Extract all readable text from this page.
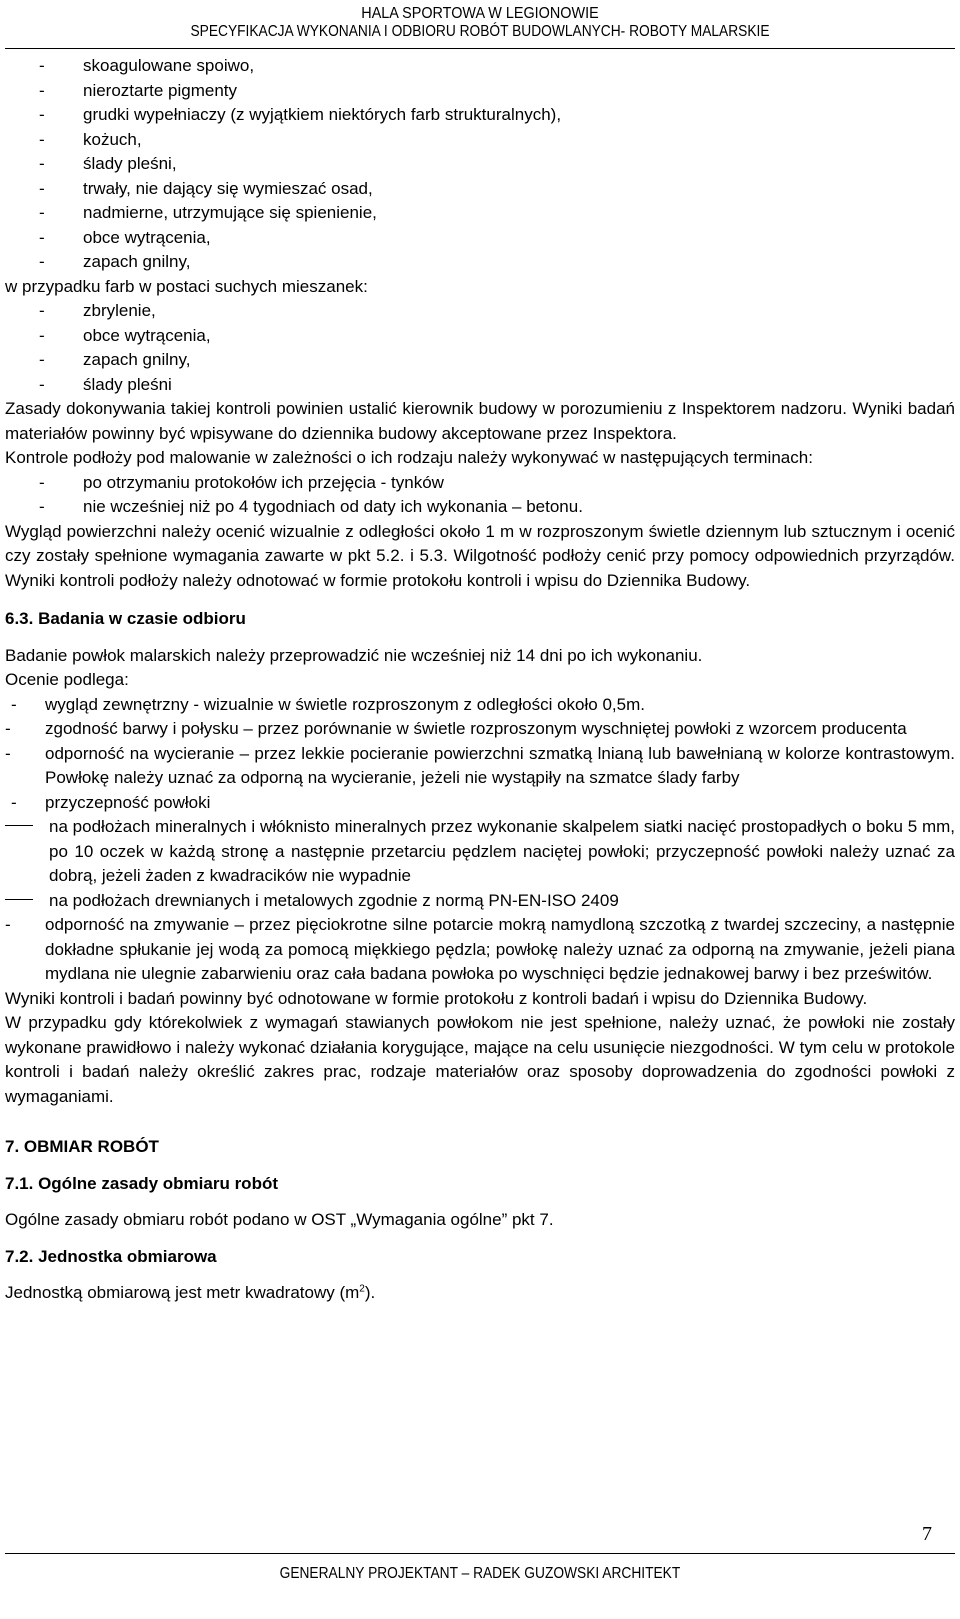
HALA SPORTOWA W LEGIONOWIE
SPECYFIKACJA WYKONANIA I ODBIORU ROBÓT BUDOWLANYCH- ROBOTY MALARSKIE
-	skoagulowane spoiwo,
-	nieroztarte pigmenty
-	grudki wypełniaczy (z wyjątkiem niektórych farb strukturalnych),
-	kożuch,
-	ślady pleśni,
-	trwały, nie dający się wymieszać osad,
-	nadmierne, utrzymujące się spienienie,
-	obce wytrącenia,
-	zapach gnilny,
w przypadku farb w postaci suchych mieszanek:
-	zbrylenie,
-	obce wytrącenia,
-	zapach gnilny,
-	ślady pleśni
Zasady dokonywania takiej kontroli powinien ustalić kierownik budowy w porozumieniu z Inspektorem nadzoru. Wyniki badań materiałów powinny być wpisywane do dziennika budowy akceptowane przez Inspektora.
Kontrole podłoży pod malowanie w zależności o ich rodzaju należy wykonywać w następujących terminach:
-	po otrzymaniu protokołów ich przejęcia - tynków
-	nie wcześniej niż po 4 tygodniach od daty ich wykonania – betonu.
Wygląd powierzchni należy ocenić wizualnie z odległości około 1 m w rozproszonym świetle dziennym lub sztucznym i ocenić czy zostały spełnione wymagania zawarte w pkt 5.2. i 5.3. Wilgotność podłoży cenić przy pomocy odpowiednich przyrządów. Wyniki kontroli podłoży należy odnotować w formie protokołu kontroli i wpisu do Dziennika Budowy.
6.3. Badania w czasie odbioru
Badanie powłok malarskich należy przeprowadzić nie wcześniej niż 14 dni po ich wykonaniu.
Ocenie podlega:
-	wygląd zewnętrzny - wizualnie w świetle rozproszonym z odległości około 0,5m.
-	zgodność barwy i połysku – przez porównanie w świetle rozproszonym wyschniętej powłoki z wzorcem producenta
-	odporność na wycieranie – przez lekkie pocieranie powierzchni szmatką lnianą lub bawełnianą w kolorze kontrastowym. Powłokę należy uznać za odporną na wycieranie, jeżeli nie wystąpiły na szmatce ślady farby
-	przyczepność powłoki
na podłożach mineralnych i włóknisto mineralnych przez wykonanie skalpelem siatki nacięć prostopadłych o boku 5 mm, po 10 oczek w każdą stronę a następnie przetarciu pędzlem naciętej powłoki; przyczepność powłoki należy uznać za dobrą, jeżeli żaden z kwadracików nie wypadnie
na podłożach drewnianych i metalowych zgodnie z normą PN-EN-ISO 2409
-	odporność na zmywanie – przez pięciokrotne silne potarcie mokrą namydloną szczotką z twardej szczeciny, a następnie dokładne spłukanie jej wodą za pomocą miękkiego pędzla; powłokę należy uznać za odporną na zmywanie, jeżeli piana mydlana nie ulegnie zabarwieniu oraz cała badana powłoka po wyschnięci będzie jednakowej barwy i bez prześwitów.
Wyniki kontroli i badań powinny być odnotowane w formie protokołu z kontroli badań i wpisu do Dziennika Budowy.
W przypadku gdy którekolwiek z wymagań stawianych powłokom nie jest spełnione, należy uznać, że powłoki nie zostały wykonane prawidłowo i należy wykonać działania korygujące, mające na celu usunięcie niezgodności. W tym celu w protokole kontroli i badań należy określić zakres prac, rodzaje materiałów oraz sposoby doprowadzenia do zgodności powłoki z wymaganiami.
7. OBMIAR ROBÓT
7.1. Ogólne zasady obmiaru robót
Ogólne zasady obmiaru robót podano w OST „Wymagania ogólne” pkt 7.
7.2. Jednostka obmiarowa
Jednostką obmiarową jest metr kwadratowy $(m^2)$.
7
GENERALNY PROJEKTANT – RADEK GUZOWSKI ARCHITEKT
